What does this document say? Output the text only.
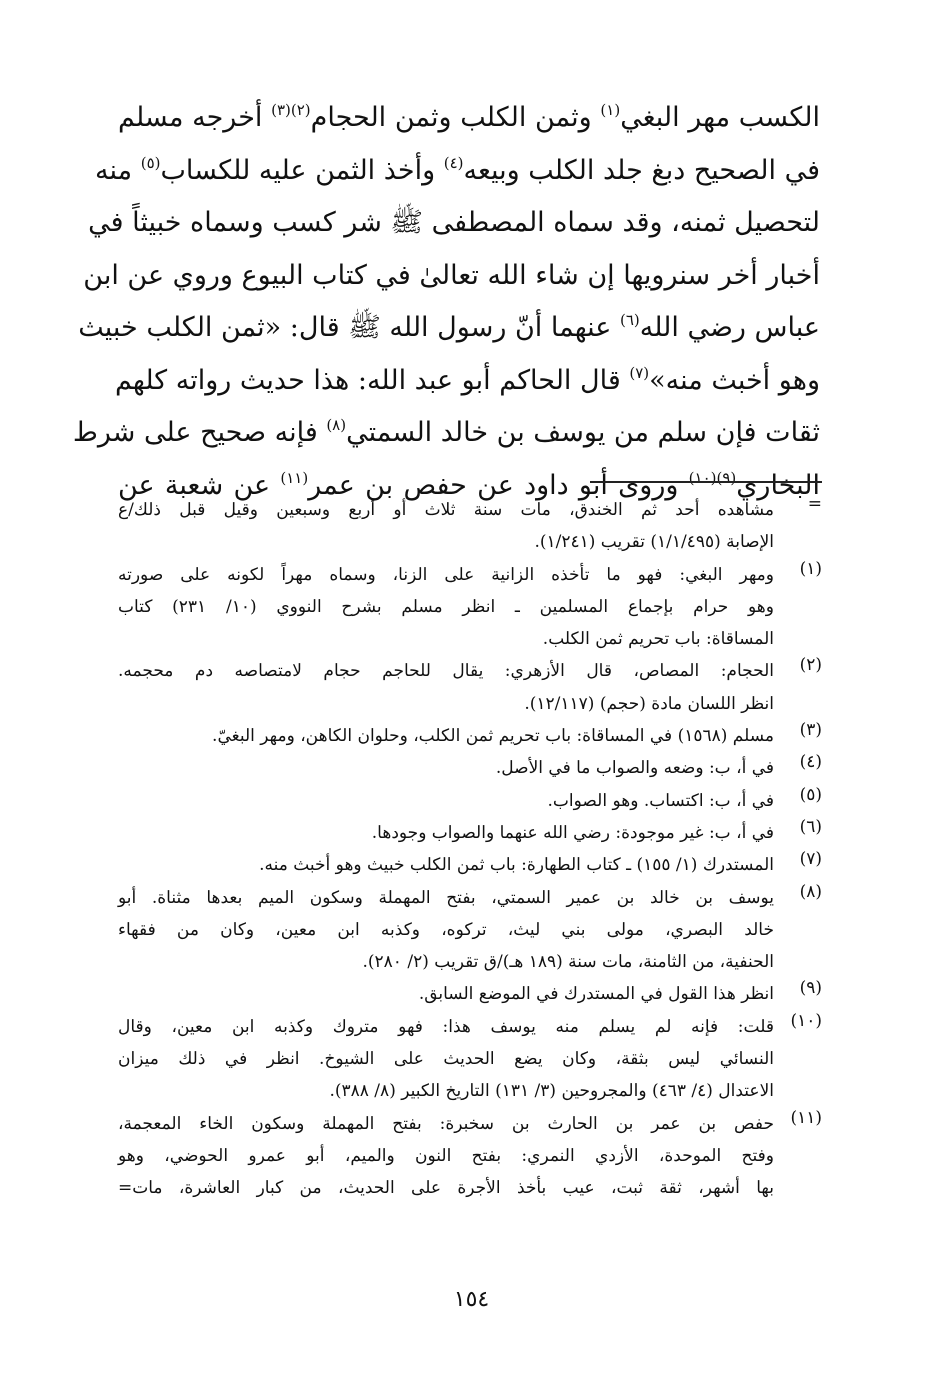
الكسب مهر البغي$^{(١)}$ وثمن الكلب وثمن الحجام$^{(٢)(٣)}$ أخرجه مسلم
في الصحيح دبغ جلد الكلب وبيعه$^{(٤)}$ وأخذ الثمن عليه للكساب$^{(٥)}$ منه
لتحصيل ثمنه، وقد سماه المصطفى ﷺ شر كسب وسماه خبيثاً في
أخبار أخر سنرويها إن شاء الله تعالىٰ في كتاب البيوع وروي عن ابن
عباس رضي الله$^{(٦)}$ عنهما أنّ رسول الله ﷺ قال: «ثمن الكلب خبيث
وهو أخبث منه»$^{(٧)}$ قال الحاكم أبو عبد الله: هذا حديث رواته كلهم
ثقات فإن سلم من يوسف بن خالد السمتي$^{(٨)}$ فإنه صحيح على شرط
البخاري$^{(٩)(١٠)}$ وروى أبو داود عن حفص بن عمر$^{(١١)}$ عن شعبة عن
=
مشاهده أحد ثم الخندق، مات سنة ثلاث أو أربع وسبعين وقيل قبل ذلك/ع
الإصابة (١/١/٤٩٥) تقريب (١/٢٤١).
(١)
ومهر البغي: فهو ما تأخذه الزانية على الزنا، وسماه مهراً لكونه على صورته
وهو حرام بإجماع المسلمين ـ انظر مسلم بشرح النووي (١٠/ ٢٣١) كتاب
المساقاة: باب تحريم ثمن الكلب.
(٢)
الحجام: المصاص، قال الأزهري: يقال للحاجم حجام لامتصاصه دم محجمه.
انظر اللسان مادة (حجم) (١٢/١١٧).
(٣)
مسلم (١٥٦٨) في المساقاة: باب تحريم ثمن الكلب، وحلوان الكاهن، ومهر البغيّ.
(٤)
في أ، ب: وضعه والصواب ما في الأصل.
(٥)
في أ، ب: اكتساب. وهو الصواب.
(٦)
في أ، ب: غير موجودة: رضي الله عنهما والصواب وجودها.
(٧)
المستدرك (١/ ١٥٥) ـ كتاب الطهارة: باب ثمن الكلب خبيث وهو أخبث منه.
(٨)
يوسف بن خالد بن عمير السمتي، بفتح المهملة وسكون الميم بعدها مثناة. أبو
خالد البصري، مولى بني ليث، تركوه، وكذبه ابن معين، وكان من فقهاء
الحنفية، من الثامنة، مات سنة (١٨٩ هـ)/ق تقريب (٢/ ٢٨٠).
(٩)
انظر هذا القول في المستدرك في الموضع السابق.
(١٠)
قلت: فإنه لم يسلم منه يوسف هذا: فهو متروك وكذبه ابن معين، وقال
النسائي ليس بثقة، وكان يضع الحديث على الشيوخ. انظر في ذلك ميزان
الاعتدال (٤/ ٤٦٣) والمجروحين (٣/ ١٣١) التاريخ الكبير (٨/ ٣٨٨).
(١١)
حفص بن عمر بن الحارث بن سخبرة: بفتح المهملة وسكون الخاء المعجمة،
وفتح الموحدة، الأزدي النمري: بفتح النون والميم، أبو عمرو الحوضي، وهو
بها أشهر، ثقة ثبت، عيب بأخذ الأجرة على الحديث، من كبار العاشرة، مات=
١٥٤
